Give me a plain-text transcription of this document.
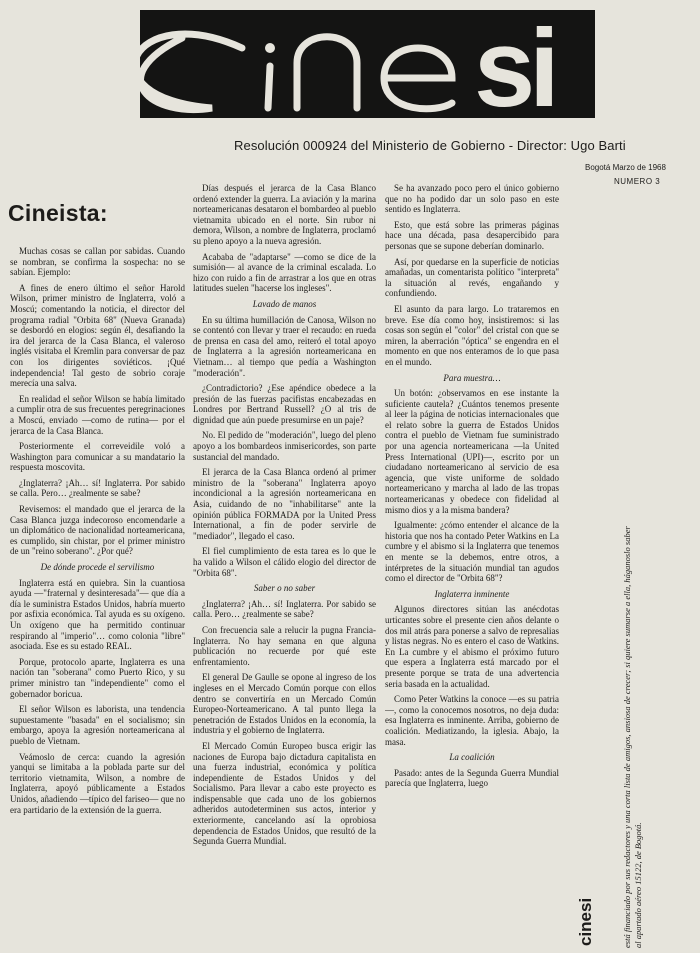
si
Resolución 000924 del Ministerio de Gobierno - Director: Ugo Barti
Bogotá Marzo de 1968
NUMERO 3
Cineista:

Muchas cosas se callan por sabidas. Cuando se nombran, se confirma la sospecha: no se sabían. Ejemplo:

A fines de enero último el señor Harold Wilson, primer ministro de Inglaterra, voló a Moscú; comentando la noticia, el director del programa radial "Orbita 68" (Nueva Granada) se desbordó en elogios: según él, desafiando la ira del jerarca de la Casa Blanca, el valeroso inglés visitaba el Kremlin para conversar de paz con los dirigentes soviéticos. ¡Qué independencia! Tal gesto de sobrio coraje merecía una salva.

En realidad el señor Wilson se había limitado a cumplir otra de sus frecuentes peregrinaciones a Moscú, enviado —como de rutina— por el jerarca de la Casa Blanca.

Posteriormente el correveidile voló a Washington para comunicar a su mandatario la respuesta moscovita.

¿Inglaterra? ¡Ah… sí! Inglaterra. Por sabido se calla. Pero… ¿realmente se sabe?

Revisemos: el mandado que el jerarca de la Casa Blanca juzga indecoroso encomendarle a un diplomático de nacionalidad norteamericana, es cumplido, sin chistar, por el primer ministro de un "reino soberano". ¿Por qué?

De dónde procede el servilismo

Inglaterra está en quiebra. Sin la cuantiosa ayuda —"fraternal y desinteresada"— que día a día le suministra Estados Unidos, habría muerto por asfixia económica. Tal ayuda es su oxígeno. Un oxígeno que ha permitido continuar respirando al "imperio"… como colonia "libre" asociada. Ese es su estado REAL.

Porque, protocolo aparte, Inglaterra es una nación tan "soberana" como Puerto Rico, y su primer ministro tan "independiente" como el gobernador boricua.

El señor Wilson es laborista, una tendencia supuestamente "basada" en el socialismo; sin embargo, apoya la agresión norteamericana al pueblo de Vietnam.

Veámoslo de cerca: cuando la agresión yanqui se limitaba a la poblada parte sur del territorio vietnamita, Wilson, a nombre de Inglaterra, apoyó públicamente a Estados Unidos, añadiendo —típico del fariseo— que no era partidario de la extensión de la guerra.

Días después el jerarca de la Casa Blanco ordenó extender la guerra. La aviación y la marina norteamericanas desataron el bombardeo al pueblo vietnamita ubicado en el norte. Sin rubor ni demora, Wilson, a nombre de Inglaterra, proclamó su pleno apoyo a la nueva agresión.

Acababa de "adaptarse" —como se dice de la sumisión— al avance de la criminal escalada. Lo hizo con ruido a fin de arrastrar a los que en otras latitudes suelen "hacerse los ingleses".

Lavado de manos

En su última humillación de Canosa, Wilson no se contentó con llevar y traer el recaudo: en rueda de prensa en casa del amo, reiteró el total apoyo de Inglaterra a la agresión norteamericana en Vietnam… al tiempo que pedía a Washington "moderación".

¿Contradictorio? ¿Ese apéndice obedece a la presión de las fuerzas pacifistas encabezadas en Londres por Bertrand Russell? ¿O al tris de dignidad que aún puede presumirse en un paje?

No. El pedido de "moderación", luego del pleno apoyo a los bombardeos inmisericordes, son parte sustancial del mandado.

El jerarca de la Casa Blanca ordenó al primer ministro de la "soberana" Inglaterra apoyo incondicional a la agresión norteamericana en Asia, cuidando de no "inhabilitarse" ante la opinión pública FORMADA por la United Press International, a fin de poder servirle de "mediador", llegado el caso.

El fiel cumplimiento de esta tarea es lo que le ha valido a Wilson el cálido elogio del director de "Orbita 68".

Saber o no saber

¿Inglaterra? ¡Ah… sí! Inglaterra. Por sabido se calla. Pero… ¿realmente se sabe?

Con frecuencia sale a relucir la pugna Francia-Inglaterra. No hay semana en que alguna publicación no recuerde por qué este enfrentamiento.

El general De Gaulle se opone al ingreso de los ingleses en el Mercado Común porque con ellos dentro se convertiría en un Mercado Común Europeo-Norteamericano. A tal punto llega la penetración de Estados Unidos en la economía, la industria y el gobierno de Inglaterra.

El Mercado Común Europeo busca erigir las naciones de Europa bajo dictadura capitalista en una fuerza industrial, económica y política independiente de Estados Unidos y del Socialismo. Para llevar a cabo este proyecto es indispensable que cada uno de los gobiernos adheridos autodeterminen sus actos, interior y exteriormente, cancelando así la oprobiosa dependencia de Estados Unidos, que resultó de la Segunda Guerra Mundial.

Se ha avanzado poco pero el único gobierno que no ha podido dar un solo paso en este sentido es Inglaterra.

Esto, que está sobre las primeras páginas hace una década, pasa desapercibido para personas que se supone deberían dominarlo.

Así, por quedarse en la superficie de noticias amañadas, un comentarista político "interpreta" la situación al revés, engañando y confundiendo.

El asunto da para largo. Lo trataremos en breve. Ese día como hoy, insistiremos: si las cosas son según el "color" del cristal con que se miren, la aberración "óptica" se engendra en el momento en que nos enteramos de lo que pasa en el mundo.

Para muestra…

Un botón: ¿observamos en ese instante la suficiente cautela? ¿Cuántos tenemos presente al leer la página de noticias internacionales que el relato sobre la guerra de Estados Unidos contra el pueblo de Vietnam fue suministrado por una agencia norteamericana —la United Press International (UPI)—, escrito por un ciudadano norteamericano al servicio de esa agencia, que viste uniforme de soldado norteamericano y marcha al lado de las tropas norteamericanas y obedece con fidelidad al mismo dios y a la misma bandera?

Igualmente: ¿cómo entender el alcance de la historia que nos ha contado Peter Watkins en La cumbre y el abismo si la Inglaterra que tenemos en mente se la debemos, entre otros, a intérpretes de la situación mundial tan agudos como el director de "Orbita 68"?

Inglaterra inminente

Algunos directores sitúan las anécdotas urticantes sobre el presente cien años delante o dos mil atrás para ponerse a salvo de represalias y listas negras. No es entero el caso de Watkins. En La cumbre y el abismo el próximo futuro que espera a Inglaterra está marcado por el presente porque se trata de una advertencia seria basada en la actualidad.

Como Peter Watkins la conoce —es su patria—, como la conocemos nosotros, no deja duda: esa Inglaterra es inminente. Arriba, gobierno de coalición. Mediatizando, la iglesia. Abajo, la masa.

La coalición

Pasado: antes de la Segunda Guerra Mundial parecía que Inglaterra, luego

cinesi	está financiado por sus redactores y una corta lista de amigos, ansiosa de crecer; si quiere sumarse a ella, háganoslo saber al apartado aéreo 15122, de Bogotá.
